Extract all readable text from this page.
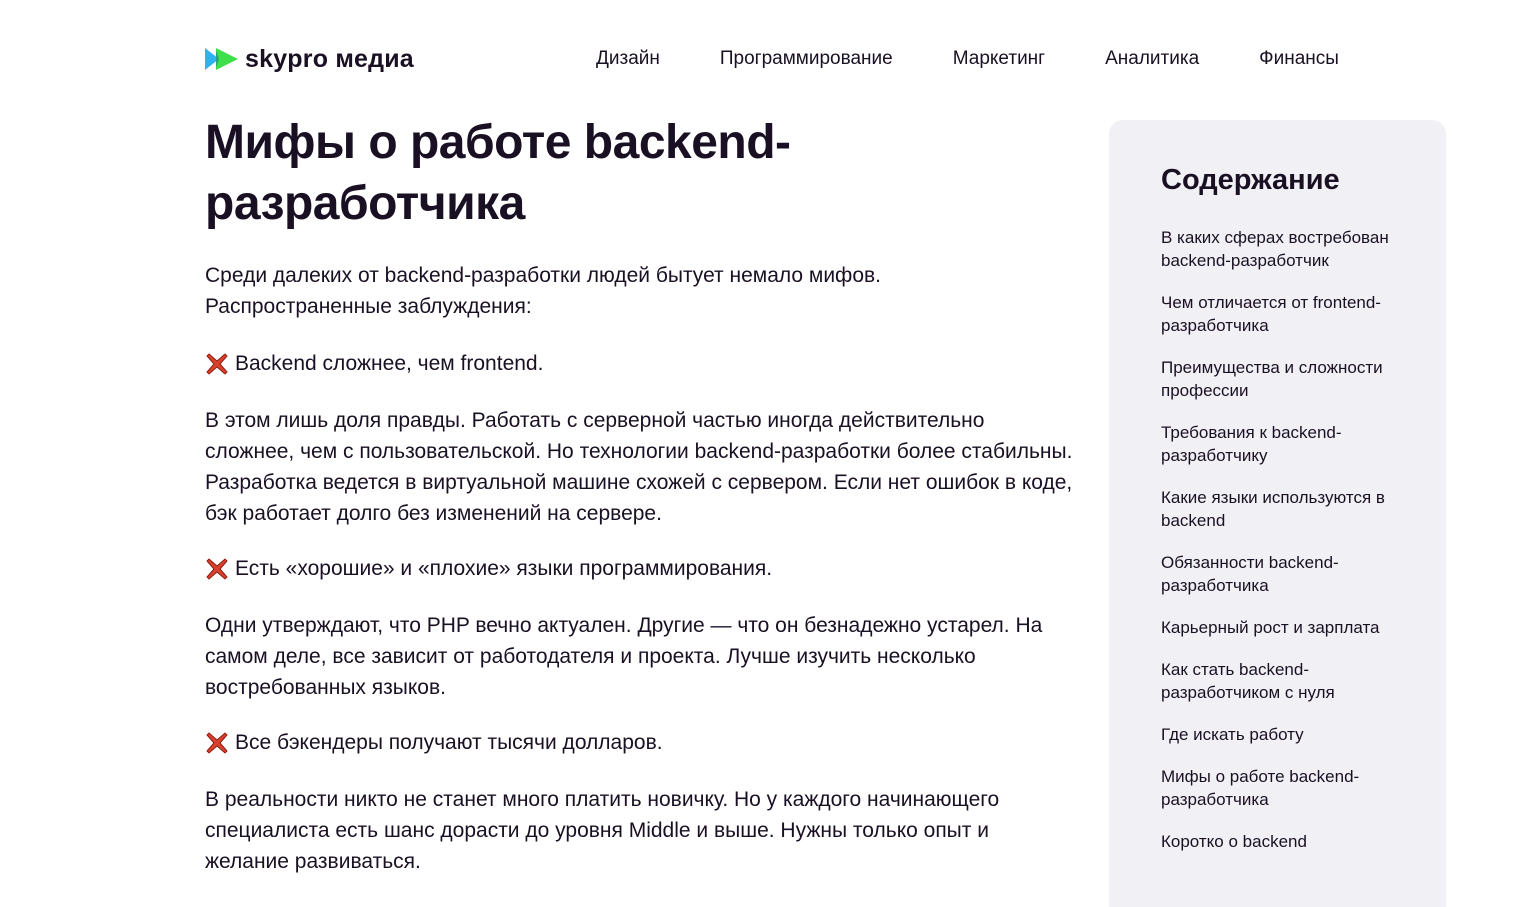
skypro медиа	Дизайн	Программирование	Маркетинг	Аналитика	Финансы
Мифы о работе backend-разработчика

Среди далеких от backend-разработки людей бытует немало мифов. Распространенные заблуждения:

Backend сложнее, чем frontend.

В этом лишь доля правды. Работать с серверной частью иногда действительно сложнее, чем с пользовательской. Но технологии backend-разработки более стабильны. Разработка ведется в виртуальной машине схожей с сервером. Если нет ошибок в коде, бэк работает долго без изменений на сервере.

Есть «хорошие» и «плохие» языки программирования.

Одни утверждают, что PHP вечно актуален. Другие — что он безнадежно устарел. На самом деле, все зависит от работодателя и проекта. Лучше изучить несколько востребованных языков.

Все бэкендеры получают тысячи долларов.

В реальности никто не станет много платить новичку. Но у каждого начинающего специалиста есть шанс дорасти до уровня Middle и выше. Нужны только опыт и желание развиваться.

Содержание
В каких сферах востребован backend-разработчик
Чем отличается от frontend-разработчика
Преимущества и сложности профессии
Требования к backend-разработчику
Какие языки используются в backend
Обязанности backend-разработчика
Карьерный рост и зарплата
Как стать backend-разработчиком с нуля
Где искать работу
Мифы о работе backend-разработчика
Коротко о backend
